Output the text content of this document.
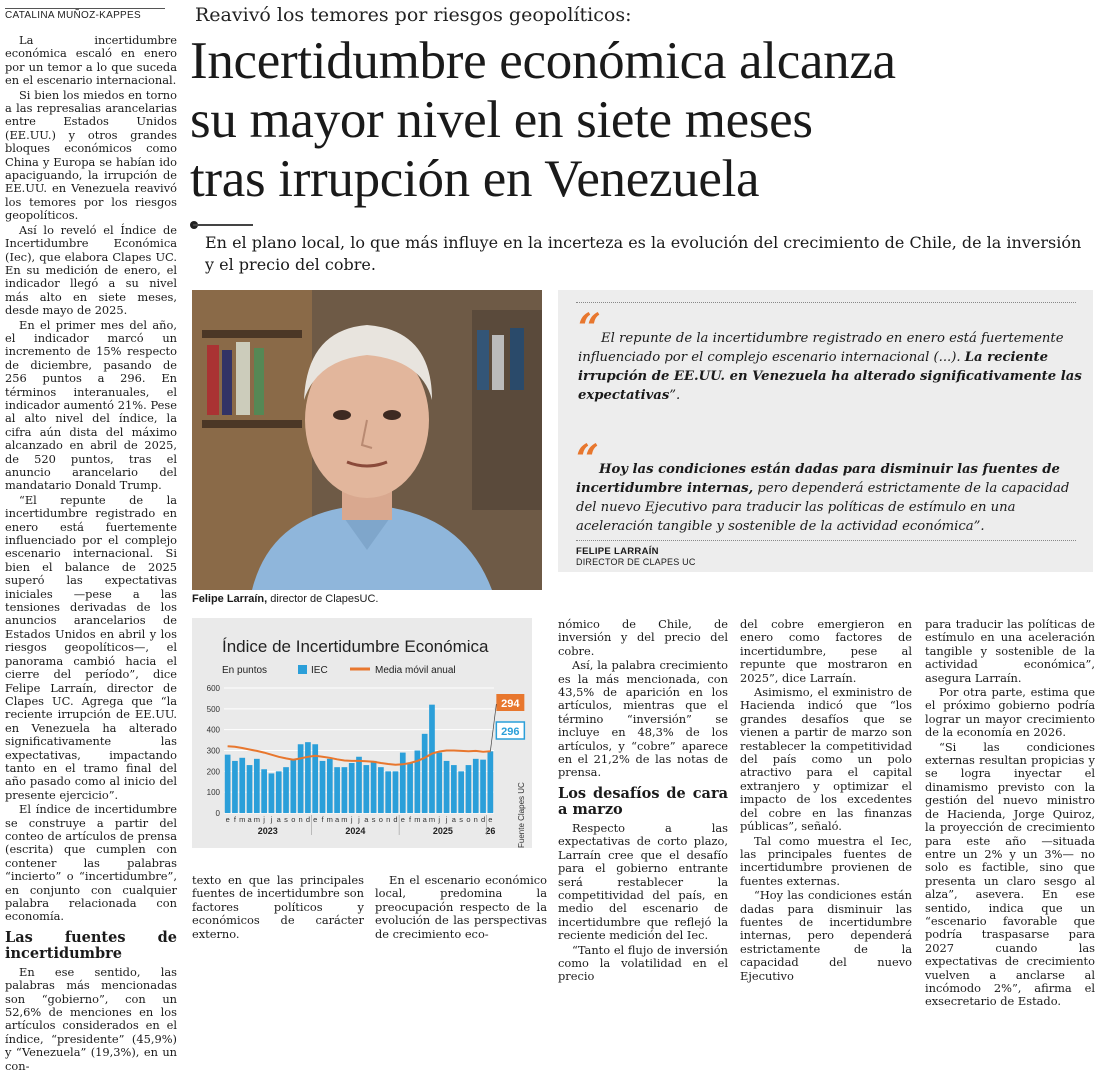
CATALINA MUÑOZ-KAPPES

La incertidumbre económica escaló en enero por un temor a lo que suceda en el escenario internacional.

Si bien los miedos en torno a las represalias arancelarias entre Estados Unidos (EE.UU.) y otros grandes bloques económicos como China y Europa se habían ido apaciguando, la irrupción de EE.UU. en Venezuela reavivó los temores por los riesgos geopolíticos.

Así lo reveló el Índice de Incertidumbre Económica (Iec), que elabora Clapes UC. En su medición de enero, el indicador llegó a su nivel más alto en siete meses, desde mayo de 2025.

En el primer mes del año, el indicador marcó un incremento de 15% respecto de diciembre, pasando de 256 puntos a 296. En términos interanuales, el indicador aumentó 21%. Pese al alto nivel del índice, la cifra aún dista del máximo alcanzado en abril de 2025, de 520 puntos, tras el anuncio arancelario del mandatario Donald Trump.

“El repunte de la incertidumbre registrado en enero está fuertemente influenciado por el complejo escenario internacional. Si bien el balance de 2025 superó las expectativas iniciales —pese a las tensiones derivadas de los anuncios arancelarios de Estados Unidos en abril y los riesgos geopolíticos—, el panorama cambió hacia el cierre del período”, dice Felipe Larraín, director de Clapes UC. Agrega que “la reciente irrupción de EE.UU. en Venezuela ha alterado significativamente las expectativas, impactando tanto en el tramo final del año pasado como al inicio del presente ejercicio”.

El índice de incertidumbre se construye a partir del conteo de artículos de prensa (escrita) que cumplen con contener las palabras “incierto” o “incertidumbre”, en conjunto con cualquier palabra relacionada con economía.

Las fuentes de incertidumbre

En ese sentido, las palabras más mencionadas son “gobierno”, con un 52,6% de menciones en los artículos considerados en el índice, “presidente” (45,9%) y “Venezuela” (19,3%), en un con-

Reavivó los temores por riesgos geopolíticos:
Incertidumbre económica alcanza
su mayor nivel en siete meses
tras irrupción en Venezuela
En el plano local, lo que más influye en la incerteza es la evolución del crecimiento de Chile, de la inversión y el precio del cobre.
Felipe Larraín, director de ClapesUC.
“El repunte de la incertidumbre registrado en enero está fuertemente influenciado por el complejo escenario internacional (...). La reciente irrupción de EE.UU. en Venezuela ha alterado significativamente las expectativas”.
“Hoy las condiciones están dadas para disminuir las fuentes de incertidumbre internas, pero dependerá estrictamente de la capacidad del nuevo Ejecutivo para traducir las políticas de estímulo en una aceleración tangible y sostenible de la actividad económica”.
FELIPE LARRAÍN
DIRECTOR DE CLAPES UC
Índice de Incertidumbre Económica
En puntos	IEC	Media móvil anual
0
100
200
300
400
500
600
e f m a m j j a s o n d e f m a m j j a s o n d e f m a m j j a s o n d e
2023	2024	2025	26
294
296
Fuente Clapes UC

texto en que las principales fuentes de incertidumbre son factores políticos y económicos de carácter externo.

En el escenario económico local, predomina la preocupación respecto de la evolución de las perspectivas de crecimiento eco-

nómico de Chile, de inversión y del precio del cobre.

Así, la palabra crecimiento es la más mencionada, con 43,5% de aparición en los artículos, mientras que el término “inversión” se incluye en 48,3% de los artículos, y “cobre” aparece en el 21,2% de las notas de prensa.

Los desafíos de cara a marzo

Respecto a las expectativas de corto plazo, Larraín cree que el desafío para el gobierno entrante será restablecer la competitividad del país, en medio del escenario de incertidumbre que reflejó la reciente medición del Iec.

“Tanto el flujo de inversión como la volatilidad en el precio

del cobre emergieron en enero como factores de incertidumbre, pese al repunte que mostraron en 2025”, dice Larraín.

Asimismo, el exministro de Hacienda indicó que “los grandes desafíos que se vienen a partir de marzo son restablecer la competitividad del país como un polo atractivo para el capital extranjero y optimizar el impacto de los excedentes del cobre en las finanzas públicas”, señaló.

Tal como muestra el Iec, las principales fuentes de incertidumbre provienen de fuentes externas.

“Hoy las condiciones están dadas para disminuir las fuentes de incertidumbre internas, pero dependerá estrictamente de la capacidad del nuevo Ejecutivo

para traducir las políticas de estímulo en una aceleración tangible y sostenible de la actividad económica”, asegura Larraín.

Por otra parte, estima que el próximo gobierno podría lograr un mayor crecimiento de la economía en 2026.

“Si las condiciones externas resultan propicias y se logra inyectar el dinamismo previsto con la gestión del nuevo ministro de Hacienda, Jorge Quiroz, la proyección de crecimiento para este año —situada entre un 2% y un 3%— no solo es factible, sino que presenta un claro sesgo al alza”, asevera. En ese sentido, indica que un “escenario favorable que podría traspasarse para 2027 cuando las expectativas de crecimiento vuelven a anclarse al incómodo 2%”, afirma el exsecretario de Estado.
